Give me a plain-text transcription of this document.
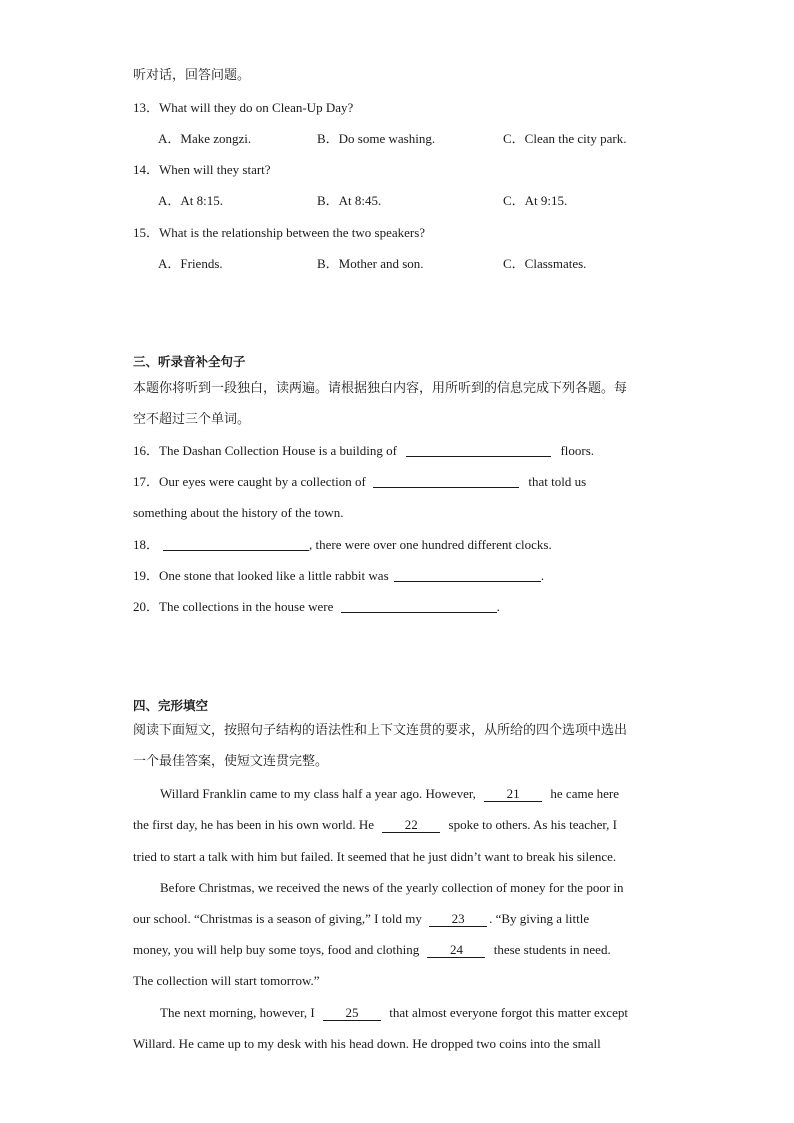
听对话，回答问题。
13．What will they do on Clean-Up Day?
A．Make zongzi.	B．Do some washing.	C．Clean the city park.
14．When will they start?
A．At 8:15.	B．At 8:45.	C．At 9:15.
15．What is the relationship between the two speakers?
A．Friends.	B．Mother and son.	C．Classmates.
三、听录音补全句子
本题你将听到一段独白，读两遍。请根据独白内容，用所听到的信息完成下列各题。每
空不超过三个单词。
16．The Dashan Collection House is a building of	floors.
17．Our eyes were caught by a collection of	that told us
something about the history of the town.
18．	, there were over one hundred different clocks.
19．One stone that looked like a little rabbit was	.
20．The collections in the house were	.
四、完形填空
阅读下面短文，按照句子结构的语法性和上下文连贯的要求，从所给的四个选项中选出
一个最佳答案，使短文连贯完整。
Willard Franklin came to my class half a year ago. However, 21 he came here
the first day, he has been in his own world. He 22 spoke to others. As his teacher, I
tried to start a talk with him but failed. It seemed that he just didn’t want to break his silence.
Before Christmas, we received the news of the yearly collection of money for the poor in
our school. “Christmas is a season of giving,” I told my 23 . “By giving a little
money, you will help buy some toys, food and clothing 24 these students in need.
The collection will start tomorrow.”
The next morning, however, I 25 that almost everyone forgot this matter except
Willard. He came up to my desk with his head down. He dropped two coins into the small
